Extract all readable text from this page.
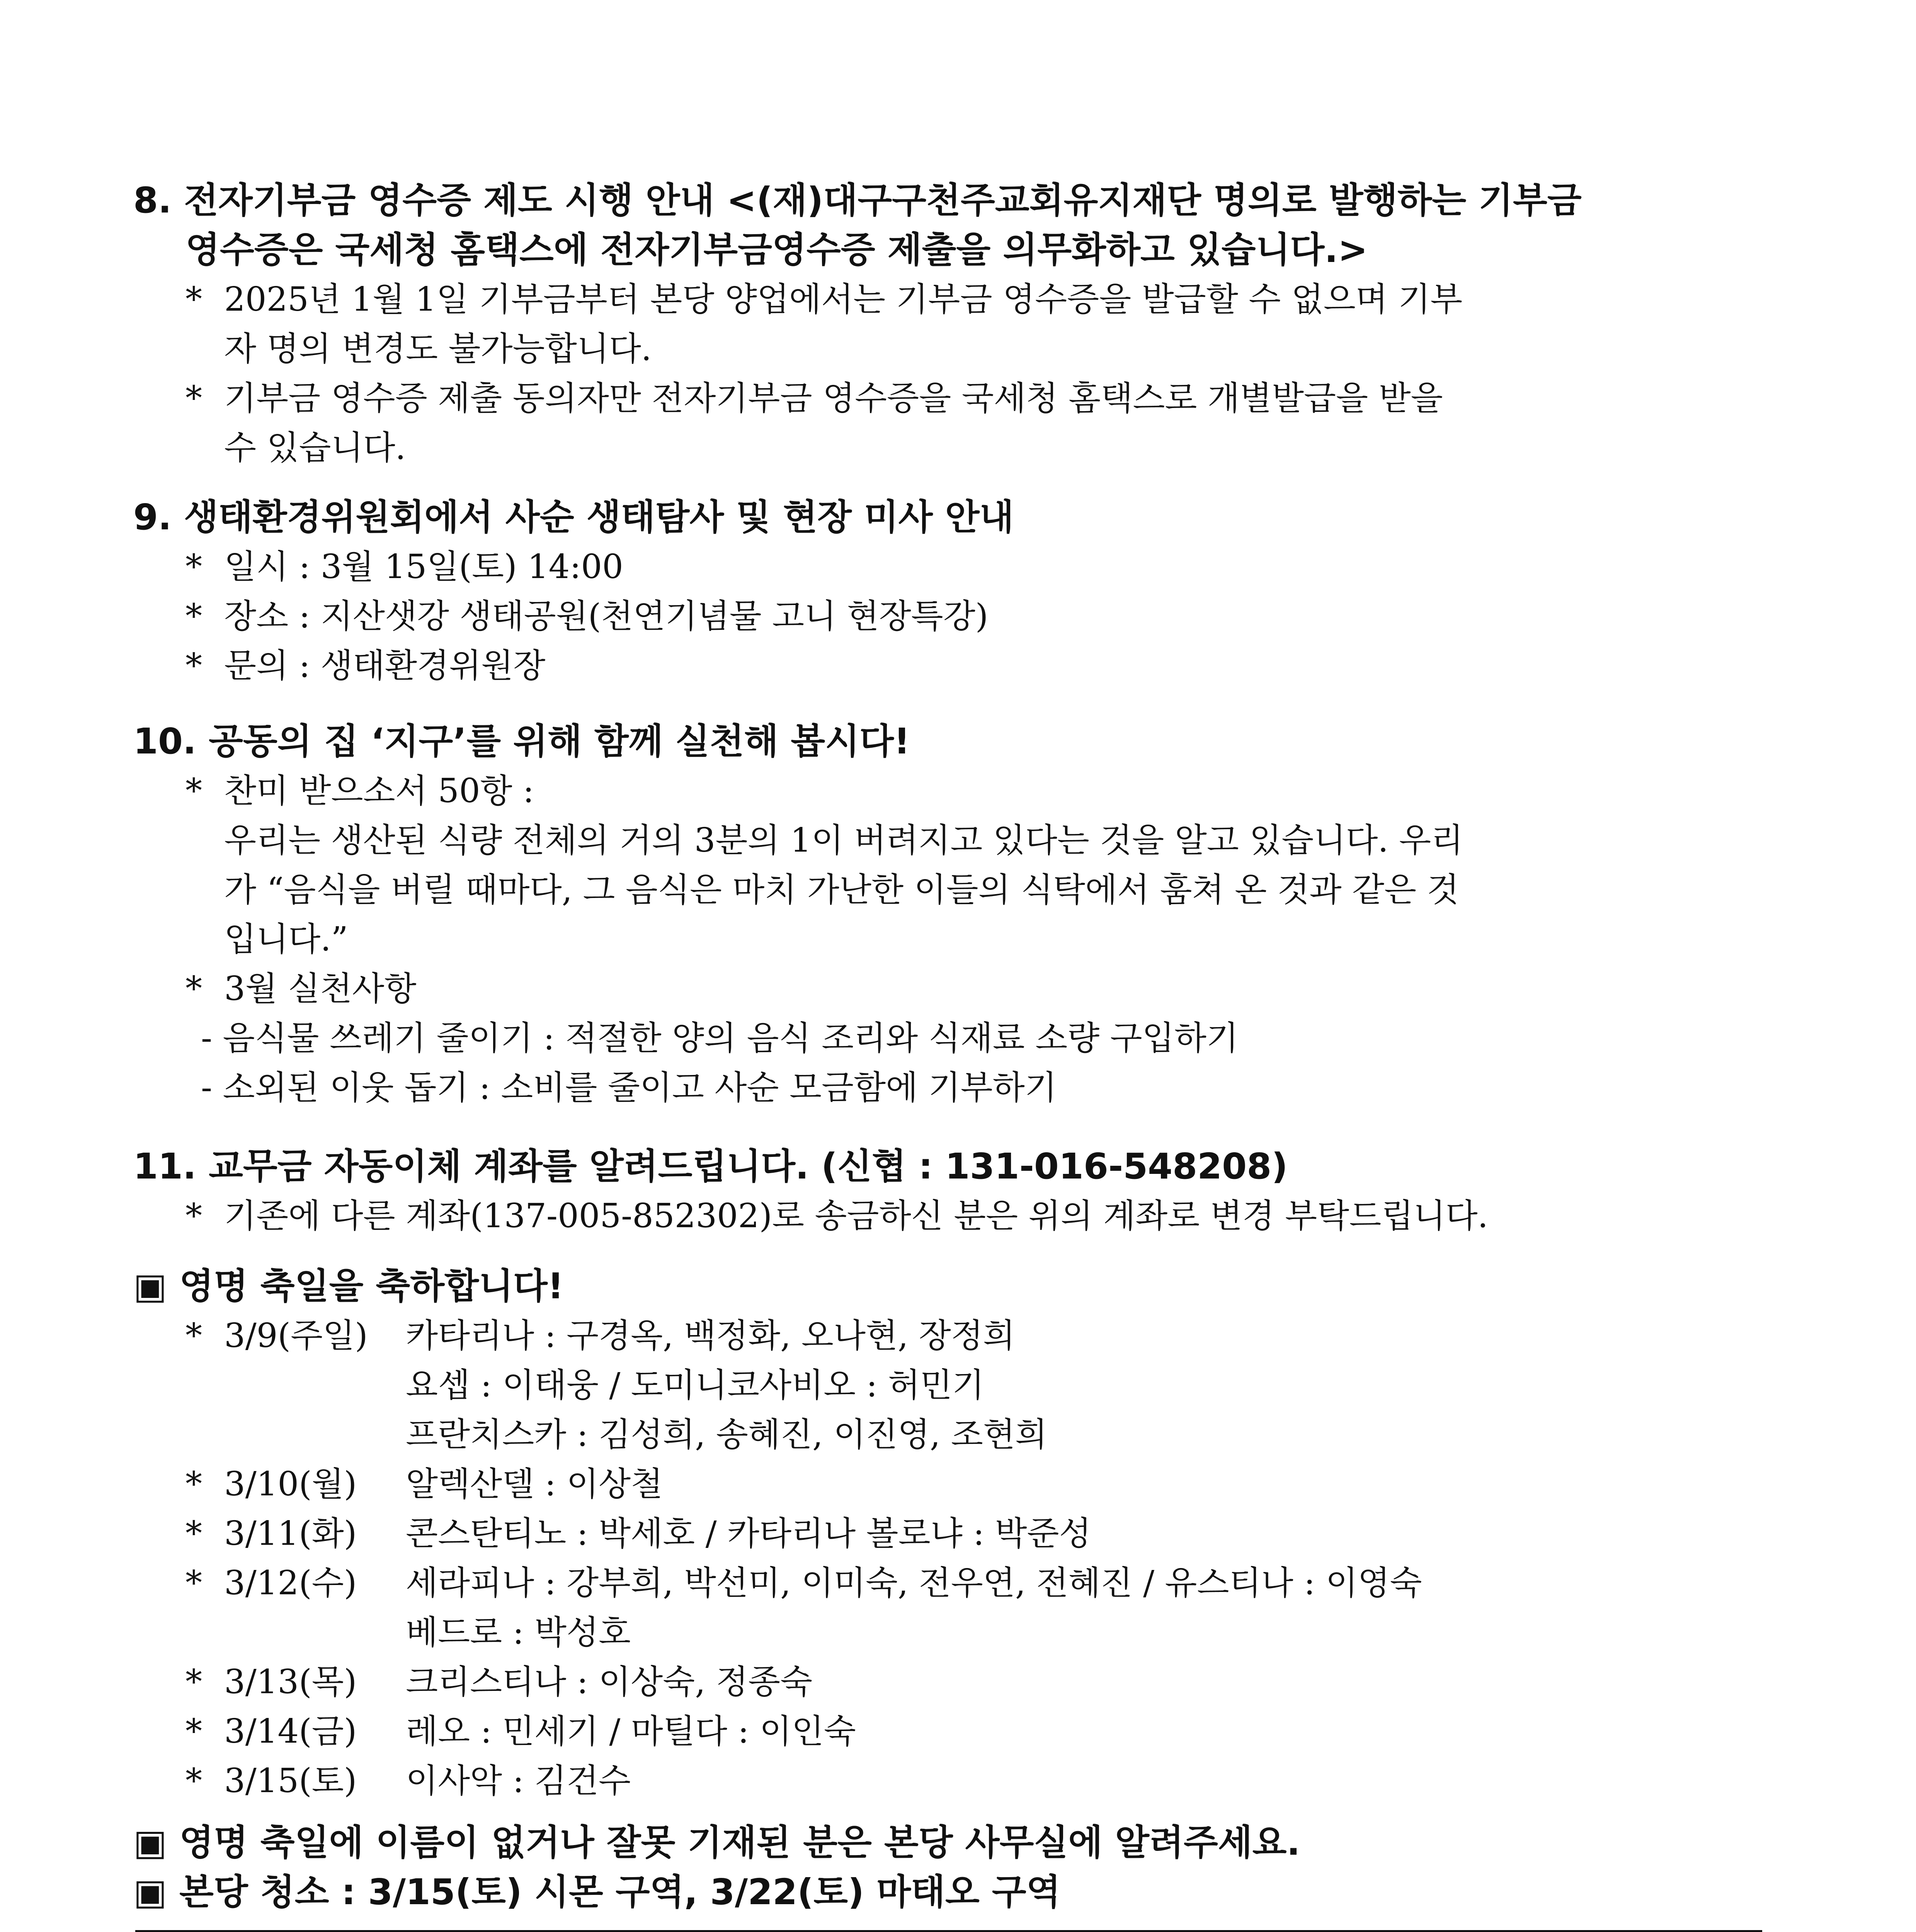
8. 전자기부금 영수증 제도 시행 안내 <(재)대구구천주교회유지재단 명의로 발행하는 기부금

영수증은 국세청 홈택스에 전자기부금영수증 제출을 의무화하고 있습니다.>

* 2025년 1월 1일 기부금부터 본당 양업에서는 기부금 영수증을 발급할 수 없으며 기부

자 명의 변경도 불가능합니다.

* 기부금 영수증 제출 동의자만 전자기부금 영수증을 국세청 홈택스로 개별발급을 받을

수 있습니다.

9. 생태환경위원회에서 사순 생태탐사 및 현장 미사 안내

* 일시 : 3월 15일(토) 14:00

* 장소 : 지산샛강 생태공원(천연기념물 고니 현장특강)

* 문의 : 생태환경위원장

10. 공동의 집 ‘지구’를 위해 함께 실천해 봅시다!

* 찬미 받으소서 50항 :

우리는 생산된 식량 전체의 거의 3분의 1이 버려지고 있다는 것을 알고 있습니다. 우리

가 “음식을 버릴 때마다, 그 음식은 마치 가난한 이들의 식탁에서 훔쳐 온 것과 같은 것

입니다.”

* 3월 실천사항

- 음식물 쓰레기 줄이기 : 적절한 양의 음식 조리와 식재료 소량 구입하기

- 소외된 이웃 돕기 : 소비를 줄이고 사순 모금함에 기부하기

11. 교무금 자동이체 계좌를 알려드립니다. (신협 : 131-016-548208)

* 기존에 다른 계좌(137-005-852302)로 송금하신 분은 위의 계좌로 변경 부탁드립니다.

▣ 영명 축일을 축하합니다!

* 3/9(주일) 카타리나 : 구경옥, 백정화, 오나현, 장정희

요셉 : 이태웅 / 도미니코사비오 : 허민기

프란치스카 : 김성희, 송혜진, 이진영, 조현희

* 3/10(월) 알렉산델 : 이상철

* 3/11(화) 콘스탄티노 : 박세호 / 카타리나 볼로냐 : 박준성

* 3/12(수) 세라피나 : 강부희, 박선미, 이미숙, 전우연, 전혜진 / 유스티나 : 이영숙

베드로 : 박성호

* 3/13(목) 크리스티나 : 이상숙, 정종숙

* 3/14(금) 레오 : 민세기 / 마틸다 : 이인숙

* 3/15(토) 이사악 : 김건수

▣ 영명 축일에 이름이 없거나 잘못 기재된 분은 본당 사무실에 알려주세요.

▣ 본당 청소 : 3/15(토) 시몬 구역, 3/22(토) 마태오 구역
